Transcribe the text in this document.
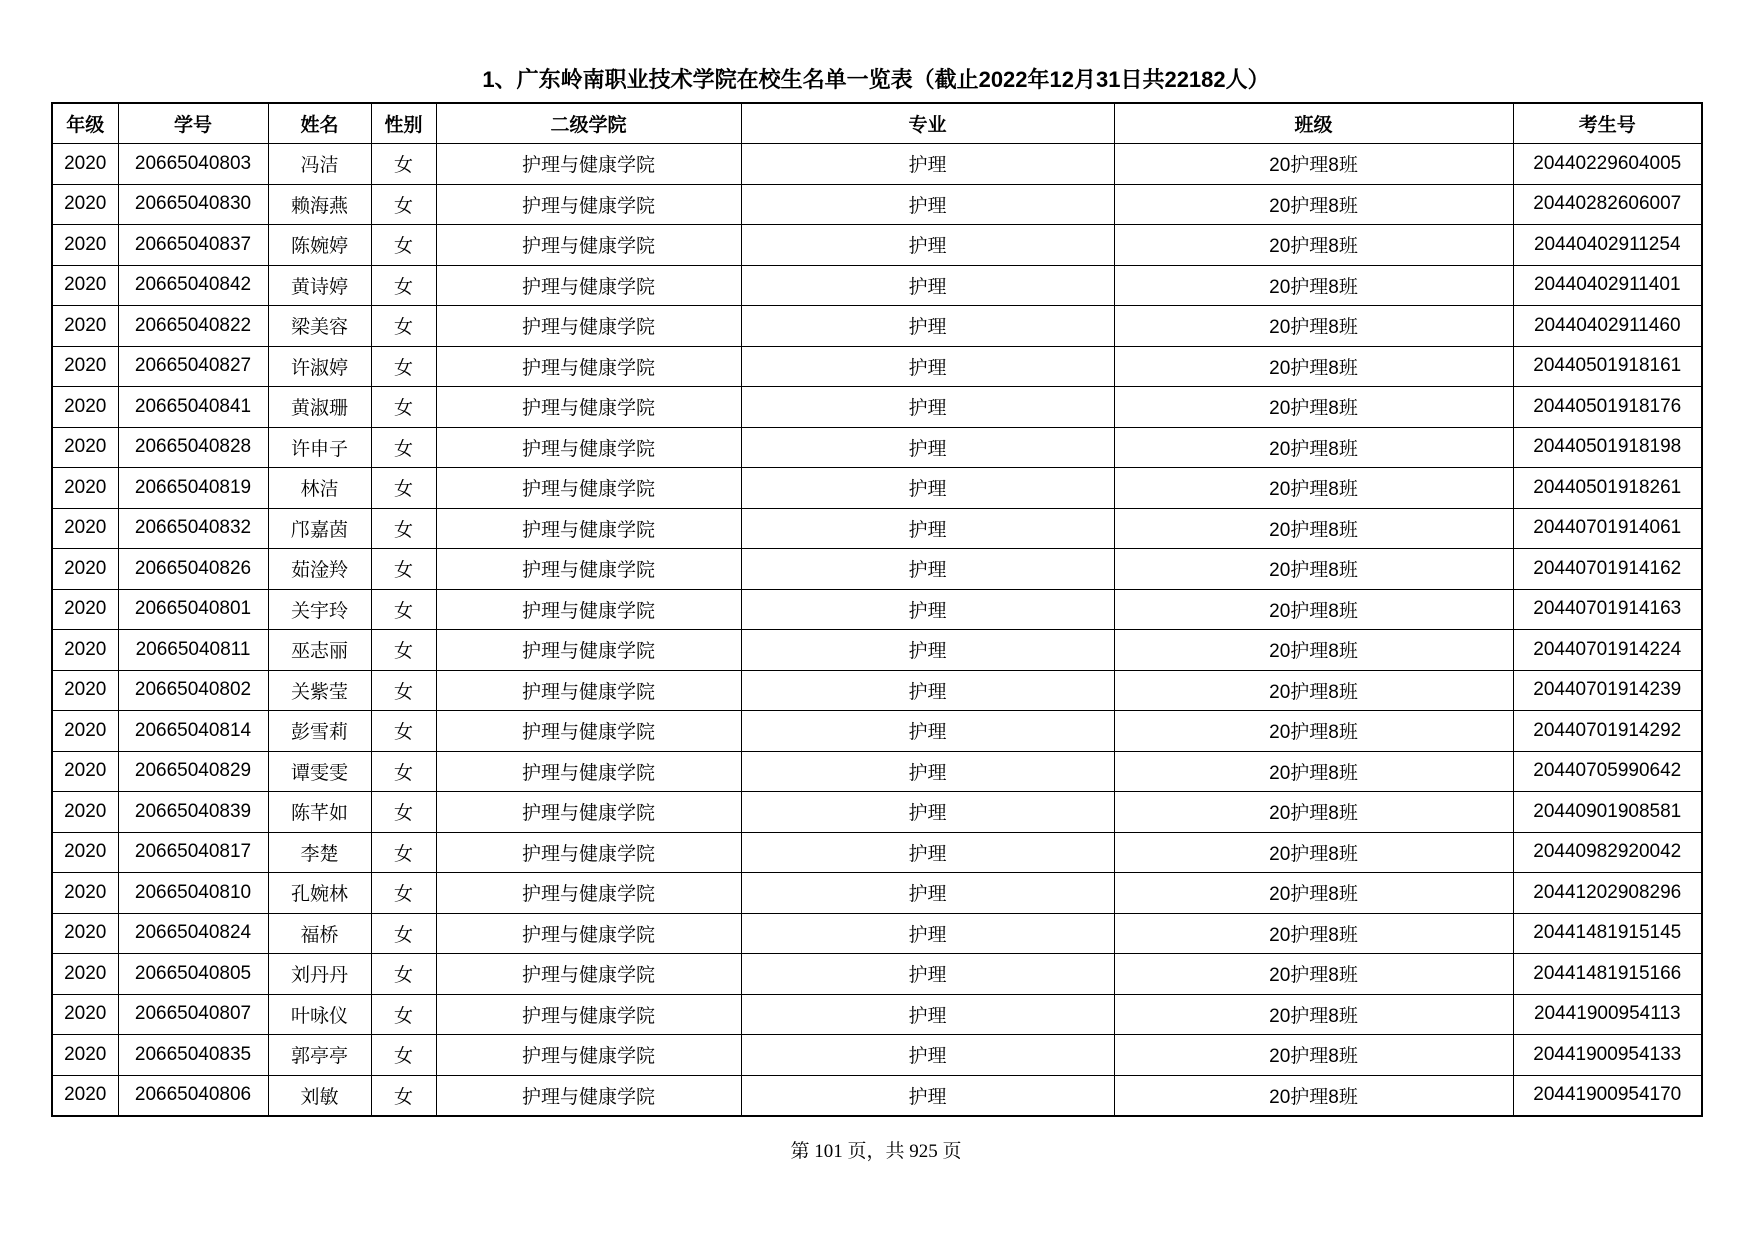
1、广东岭南职业技术学院在校生名单一览表（截止2022年12月31日共22182人）
年级	学号	姓名	性别	二级学院	专业	班级	考生号
2020	20665040803	冯洁	女	护理与健康学院	护理	20护理8班	20440229604005
2020	20665040830	赖海燕	女	护理与健康学院	护理	20护理8班	20440282606007
2020	20665040837	陈婉婷	女	护理与健康学院	护理	20护理8班	20440402911254
2020	20665040842	黄诗婷	女	护理与健康学院	护理	20护理8班	20440402911401
2020	20665040822	梁美容	女	护理与健康学院	护理	20护理8班	20440402911460
2020	20665040827	许淑婷	女	护理与健康学院	护理	20护理8班	20440501918161
2020	20665040841	黄淑珊	女	护理与健康学院	护理	20护理8班	20440501918176
2020	20665040828	许申子	女	护理与健康学院	护理	20护理8班	20440501918198
2020	20665040819	林洁	女	护理与健康学院	护理	20护理8班	20440501918261
2020	20665040832	邝嘉茵	女	护理与健康学院	护理	20护理8班	20440701914061
2020	20665040826	茹淦羚	女	护理与健康学院	护理	20护理8班	20440701914162
2020	20665040801	关宇玲	女	护理与健康学院	护理	20护理8班	20440701914163
2020	20665040811	巫志丽	女	护理与健康学院	护理	20护理8班	20440701914224
2020	20665040802	关紫莹	女	护理与健康学院	护理	20护理8班	20440701914239
2020	20665040814	彭雪莉	女	护理与健康学院	护理	20护理8班	20440701914292
2020	20665040829	谭雯雯	女	护理与健康学院	护理	20护理8班	20440705990642
2020	20665040839	陈芊如	女	护理与健康学院	护理	20护理8班	20440901908581
2020	20665040817	李楚	女	护理与健康学院	护理	20护理8班	20440982920042
2020	20665040810	孔婉林	女	护理与健康学院	护理	20护理8班	20441202908296
2020	20665040824	福桥	女	护理与健康学院	护理	20护理8班	20441481915145
2020	20665040805	刘丹丹	女	护理与健康学院	护理	20护理8班	20441481915166
2020	20665040807	叶咏仪	女	护理与健康学院	护理	20护理8班	20441900954113
2020	20665040835	郭亭亭	女	护理与健康学院	护理	20护理8班	20441900954133
2020	20665040806	刘敏	女	护理与健康学院	护理	20护理8班	20441900954170
第 101 页，共 925 页
